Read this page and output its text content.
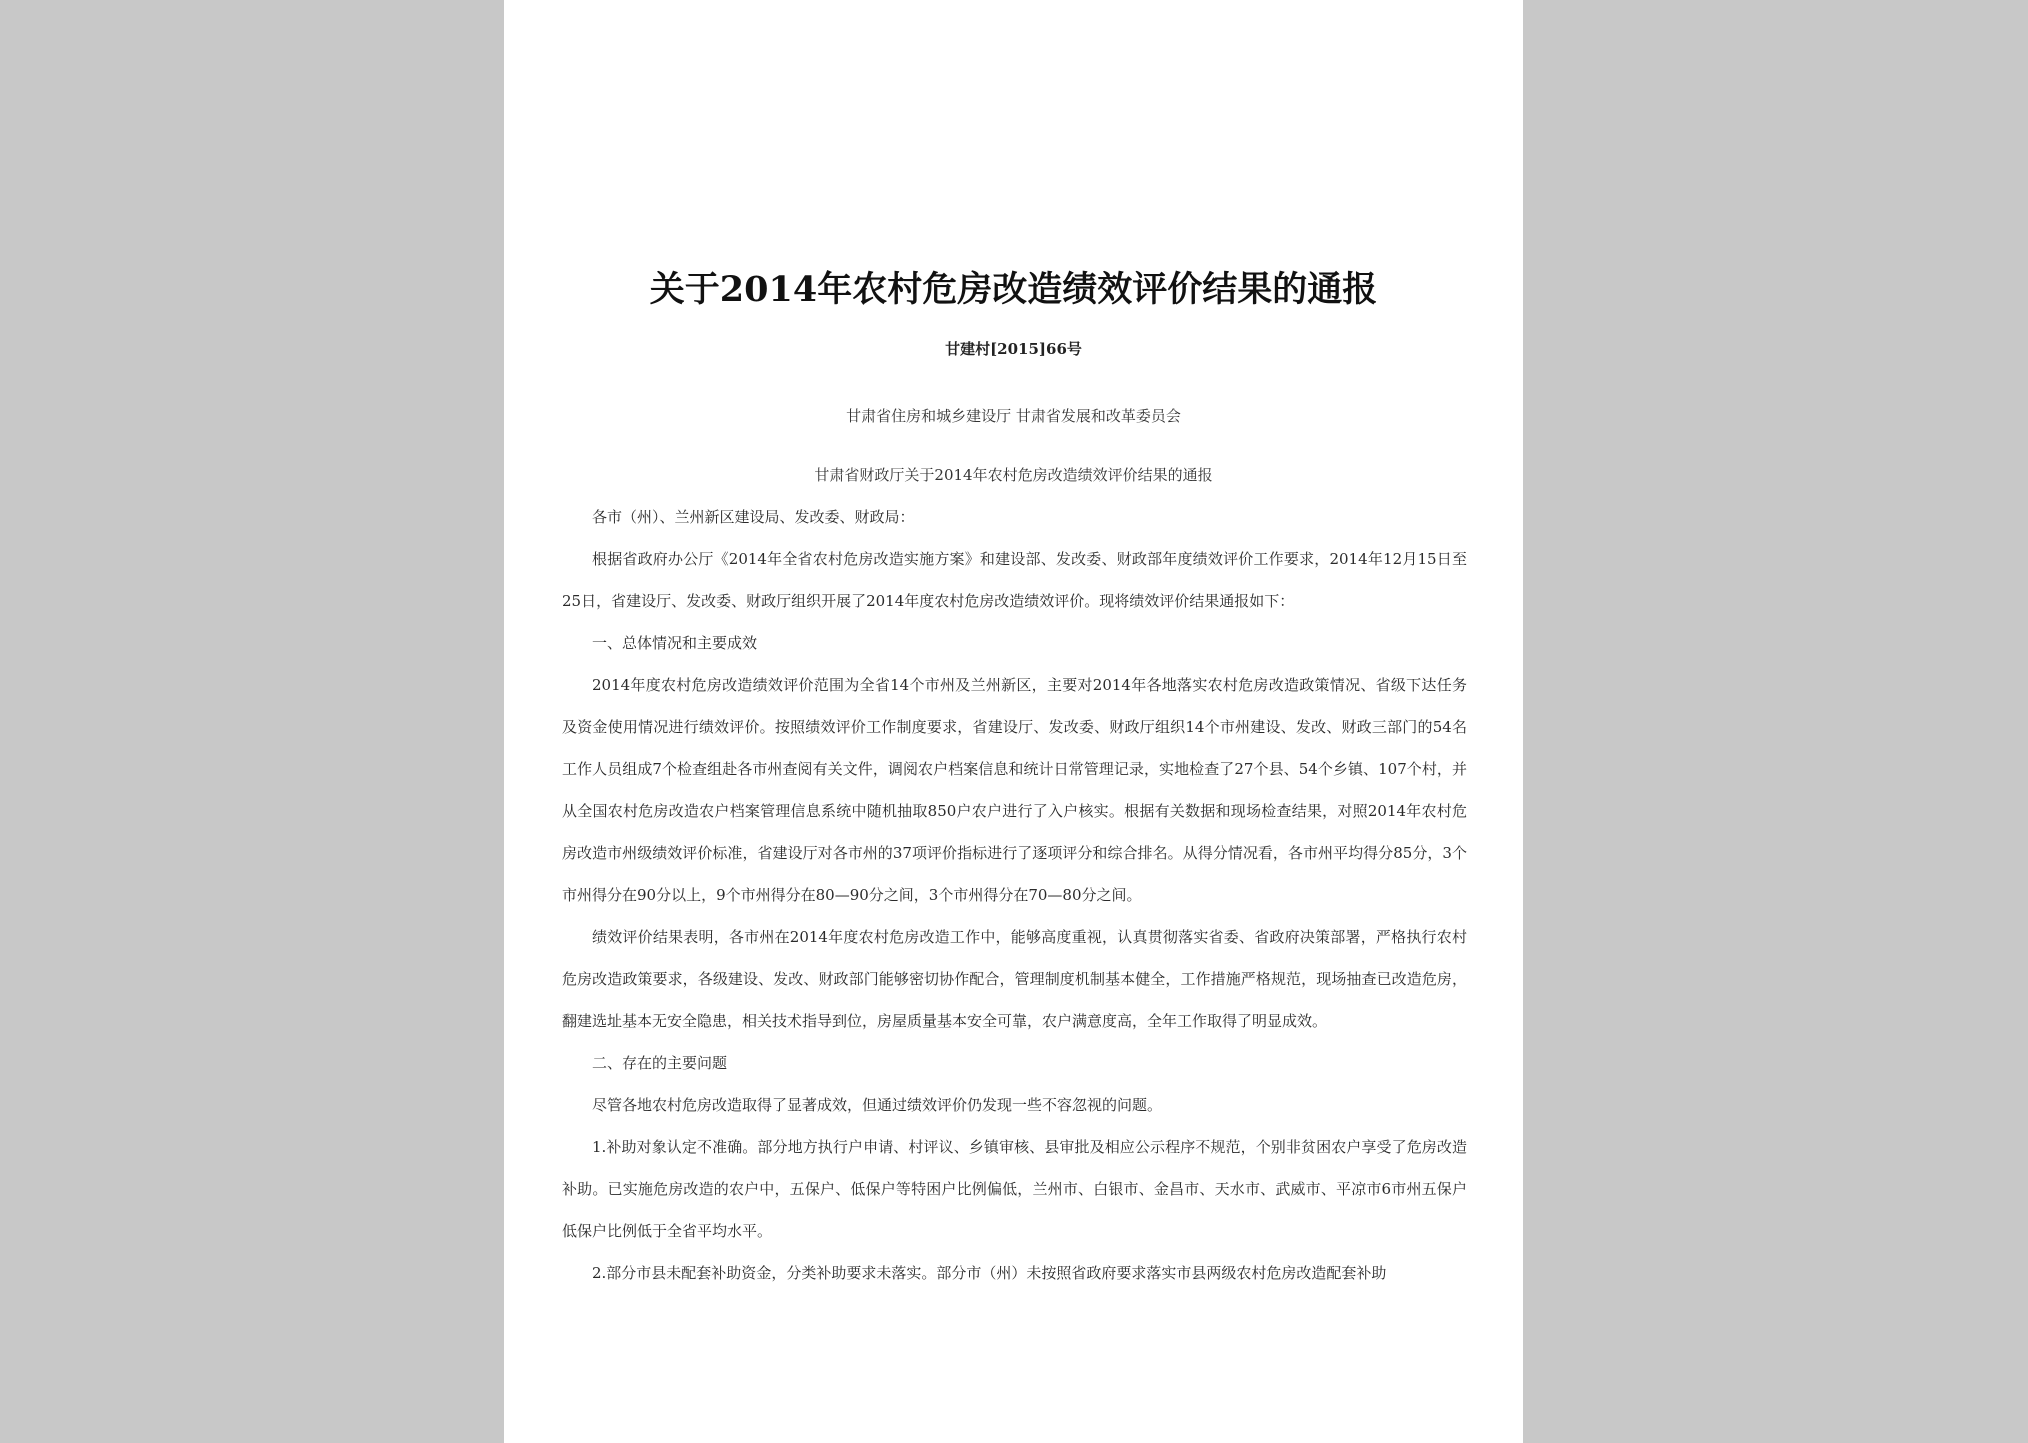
关于2014年农村危房改造绩效评价结果的通报
甘建村[2015]66号
甘肃省住房和城乡建设厅 甘肃省发展和改革委员会
甘肃省财政厅关于2014年农村危房改造绩效评价结果的通报

各市（州）、兰州新区建设局、发改委、财政局：

根据省政府办公厅《2014年全省农村危房改造实施方案》和建设部、发改委、财政部年度绩效评价工作要求，2014年12月15日至25日，省建设厅、发改委、财政厅组织开展了2014年度农村危房改造绩效评价。现将绩效评价结果通报如下：

一、总体情况和主要成效

2014年度农村危房改造绩效评价范围为全省14个市州及兰州新区，主要对2014年各地落实农村危房改造政策情况、省级下达任务及资金使用情况进行绩效评价。按照绩效评价工作制度要求，省建设厅、发改委、财政厅组织14个市州建设、发改、财政三部门的54名工作人员组成7个检查组赴各市州查阅有关文件，调阅农户档案信息和统计日常管理记录，实地检查了27个县、54个乡镇、107个村，并从全国农村危房改造农户档案管理信息系统中随机抽取850户农户进行了入户核实。根据有关数据和现场检查结果，对照2014年农村危房改造市州级绩效评价标准，省建设厅对各市州的37项评价指标进行了逐项评分和综合排名。从得分情况看，各市州平均得分85分，3个市州得分在90分以上，9个市州得分在80—90分之间，3个市州得分在70—80分之间。

绩效评价结果表明，各市州在2014年度农村危房改造工作中，能够高度重视，认真贯彻落实省委、省政府决策部署，严格执行农村危房改造政策要求，各级建设、发改、财政部门能够密切协作配合，管理制度机制基本健全，工作措施严格规范，现场抽查已改造危房，翻建选址基本无安全隐患，相关技术指导到位，房屋质量基本安全可靠，农户满意度高，全年工作取得了明显成效。

二、存在的主要问题

尽管各地农村危房改造取得了显著成效，但通过绩效评价仍发现一些不容忽视的问题。

1.补助对象认定不准确。部分地方执行户申请、村评议、乡镇审核、县审批及相应公示程序不规范，个别非贫困农户享受了危房改造补助。已实施危房改造的农户中，五保户、低保户等特困户比例偏低，兰州市、白银市、金昌市、天水市、武威市、平凉市6市州五保户低保户比例低于全省平均水平。

2.部分市县未配套补助资金，分类补助要求未落实。部分市（州）未按照省政府要求落实市县两级农村危房改造配套补助
